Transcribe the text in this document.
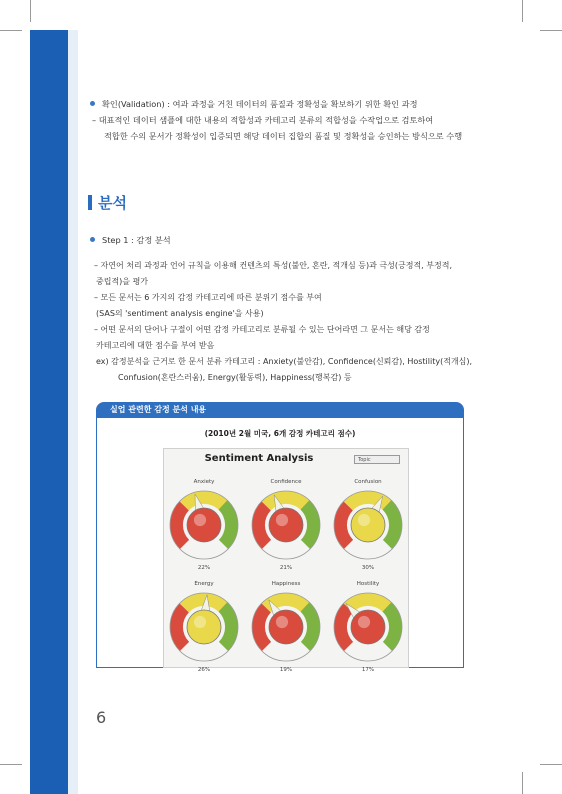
확인(Validation) : 여과 과정을 거친 데이터의 품질과 정확성을 확보하기 위한 확인 과정
– 대표적인 데이터 샘플에 대한 내용의 적합성과 카테고리 분류의 적합성을 수작업으로 검토하여
적합한 수의 문서가 정확성이 입증되면 해당 데이터 집합의 품질 및 정확성을 승인하는 방식으로 수행
분석
Step 1 : 감정 분석
– 자연어 처리 과정과 언어 규칙을 이용해 컨텐츠의 특성(불안, 혼란, 적개심 등)과 극성(긍정적, 부정적,
중립적)을 평가
– 모든 문서는 6 가지의 감정 카테고리에 따른 분위기 점수를 부여
(SAS의 'sentiment analysis engine'을 사용)
– 어떤 문서의 단어나 구절이 어떤 감정 카테고리로 분류될 수 있는 단어라면 그 문서는 해당 감정
카테고리에 대한 점수를 부여 받음
ex) 감정분석을 근거로 한 문서 분류 카테고리 : Anxiety(불안감), Confidence(신뢰감), Hostility(적개심),
Confusion(혼란스러움), Energy(활동력), Happiness(행복감) 등
실업 관련한 감정 분석 내용
(2010년 2월 미국, 6개 감정 카테고리 점수)
Sentiment Analysis	Topic
Anxiety
22%
Confidence
21%
Confusion
30%
Energy
26%
Happiness
19%
Hostility
17%
6
